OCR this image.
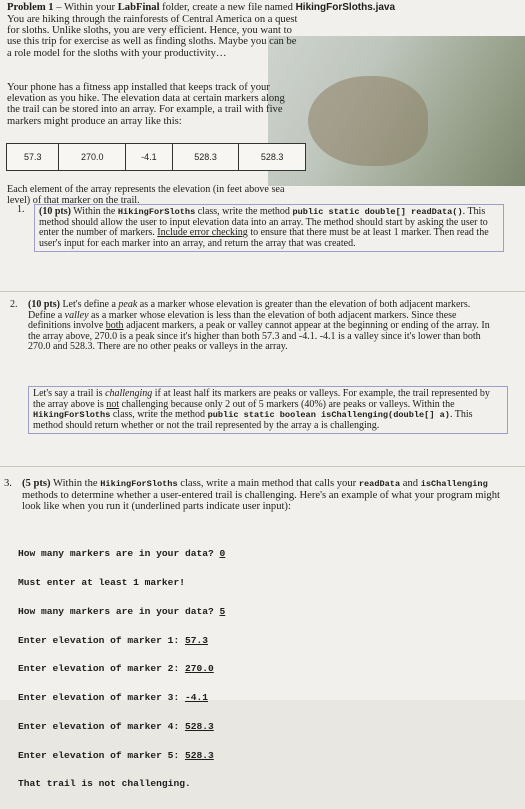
Problem 1 – Within your LabFinal folder, create a new file named HikingForSloths.java
You are hiking through the rainforests of Central America on a quest
for sloths. Unlike sloths, you are very efficient. Hence, you want to
use this trip for exercise as well as finding sloths. Maybe you can be
a role model for the sloths with your productivity…
Your phone has a fitness app installed that keeps track of your
elevation as you hike. The elevation data at certain markers along
the trail can be stored into an array. For example, a trail with five
markers might produce an array like this:
57.3	270.0	-4.1	528.3	528.3
Each element of the array represents the elevation (in feet above sea
level) of that marker on the trail.
1. (10 pts) Within the HikingForSloths class, write the method public static double[] readData(). This method should allow the user to input elevation data into an array. The method should start by asking the user to enter the number of markers. Include error checking to ensure that there must be at least 1 marker. Then read the user's input for each marker into an array, and return the array that was created.
2. (10 pts) Let's define a peak as a marker whose elevation is greater than the elevation of both adjacent markers. Define a valley as a marker whose elevation is less than the elevation of both adjacent markers. Since these definitions involve both adjacent markers, a peak or valley cannot appear at the beginning or ending of the array. In the array above, 270.0 is a peak since it's higher than both 57.3 and -4.1. -4.1 is a valley since it's lower than both 270.0 and 528.3. There are no other peaks or valleys in the array.
Let's say a trail is challenging if at least half its markers are peaks or valleys. For example, the trail represented by the array above is not challenging because only 2 out of 5 markers (40%) are peaks or valleys. Within the HikingForSloths class, write the method public static boolean isChallenging(double[] a). This method should return whether or not the trail represented by the array a is challenging.
3. (5 pts) Within the HikingForSloths class, write a main method that calls your readData and isChallenging methods to determine whether a user-entered trail is challenging. Here's an example of what your program might look like when you run it (underlined parts indicate user input):

How many markers are in your data? 0

Must enter at least 1 marker!

How many markers are in your data? 5

Enter elevation of marker 1: 57.3

Enter elevation of marker 2: 270.0

Enter elevation of marker 3: -4.1

Enter elevation of marker 4: 528.3

Enter elevation of marker 5: 528.3

That trail is not challenging.
